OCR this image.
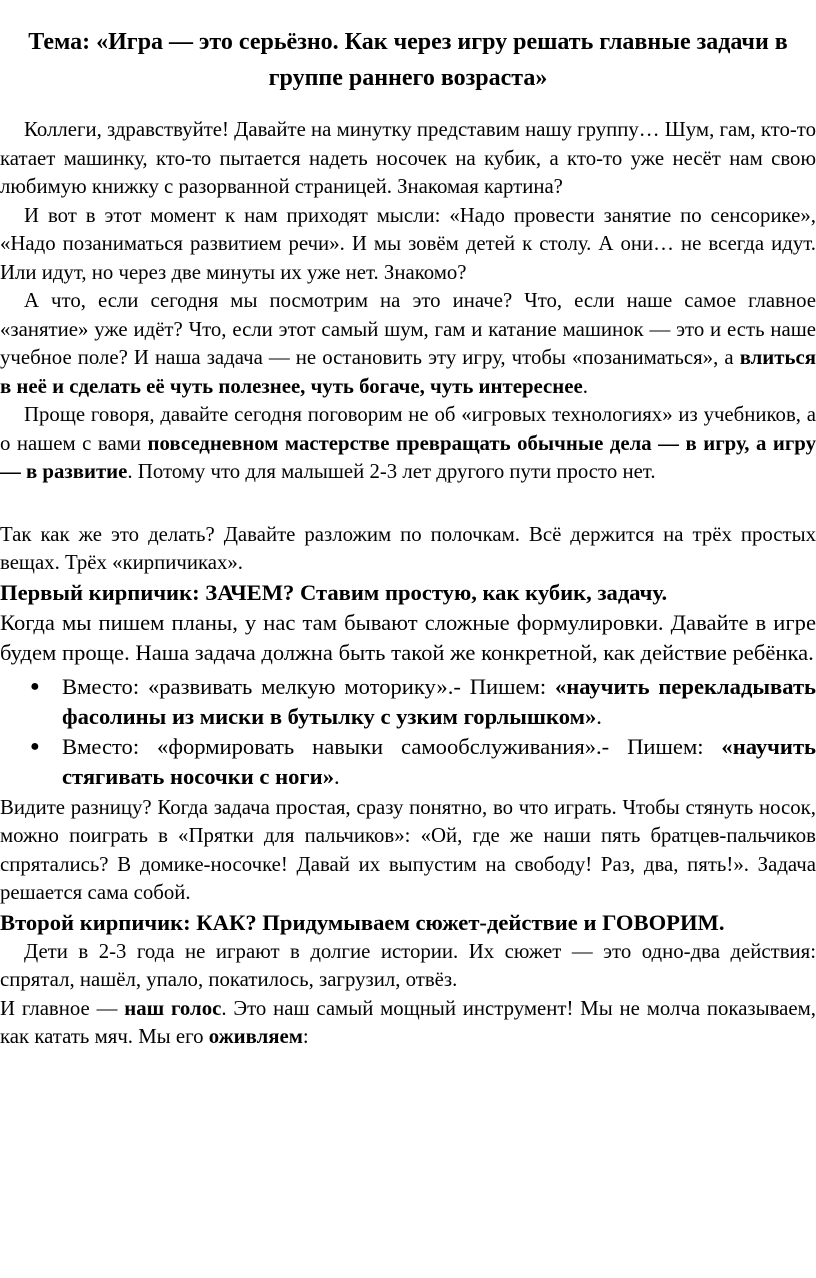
Тема: «Игра — это серьёзно. Как через игру решать главные задачи в группе раннего возраста»

Коллеги, здравствуйте! Давайте на минутку представим нашу группу… Шум, гам, кто-то катает машинку, кто-то пытается надеть носочек на кубик, а кто-то уже несёт нам свою любимую книжку с разорванной страницей. Знакомая картина?

И вот в этот момент к нам приходят мысли: «Надо провести занятие по сенсорике», «Надо позаниматься развитием речи». И мы зовём детей к столу. А они… не всегда идут. Или идут, но через две минуты их уже нет. Знакомо?

А что, если сегодня мы посмотрим на это иначе? Что, если наше самое главное «занятие» уже идёт? Что, если этот самый шум, гам и катание машинок — это и есть наше учебное поле? И наша задача — не остановить эту игру, чтобы «позаниматься», а влиться в неё и сделать её чуть полезнее, чуть богаче, чуть интереснее.

Проще говоря, давайте сегодня поговорим не об «игровых технологиях» из учебников, а о нашем с вами повседневном мастерстве превращать обычные дела — в игру, а игру — в развитие. Потому что для малышей 2-3 лет другого пути просто нет.

Так как же это делать? Давайте разложим по полочкам. Всё держится на трёх простых вещах. Трёх «кирпичиках».

Первый кирпичик: ЗАЧЕМ? Ставим простую, как кубик, задачу.

Когда мы пишем планы, у нас там бывают сложные формулировки. Давайте в игре будем проще. Наша задача должна быть такой же конкретной, как действие ребёнка.

● Вместо: «развивать мелкую моторику».- Пишем: «научить перекладывать фасолины из миски в бутылку с узким горлышком».
● Вместо: «формировать навыки самообслуживания».- Пишем: «научить стягивать носочки с ноги».

Видите разницу? Когда задача простая, сразу понятно, во что играть. Чтобы стянуть носок, можно поиграть в «Прятки для пальчиков»: «Ой, где же наши пять братцев-пальчиков спрятались? В домике-носочке! Давай их выпустим на свободу! Раз, два, пять!». Задача решается сама собой.

Второй кирпичик: КАК? Придумываем сюжет-действие и ГОВОРИМ.

Дети в 2-3 года не играют в долгие истории. Их сюжет — это одно-два действия: спрятал, нашёл, упало, покатилось, загрузил, отвёз.

И главное — наш голос. Это наш самый мощный инструмент! Мы не молча показываем, как катать мяч. Мы его оживляем:
